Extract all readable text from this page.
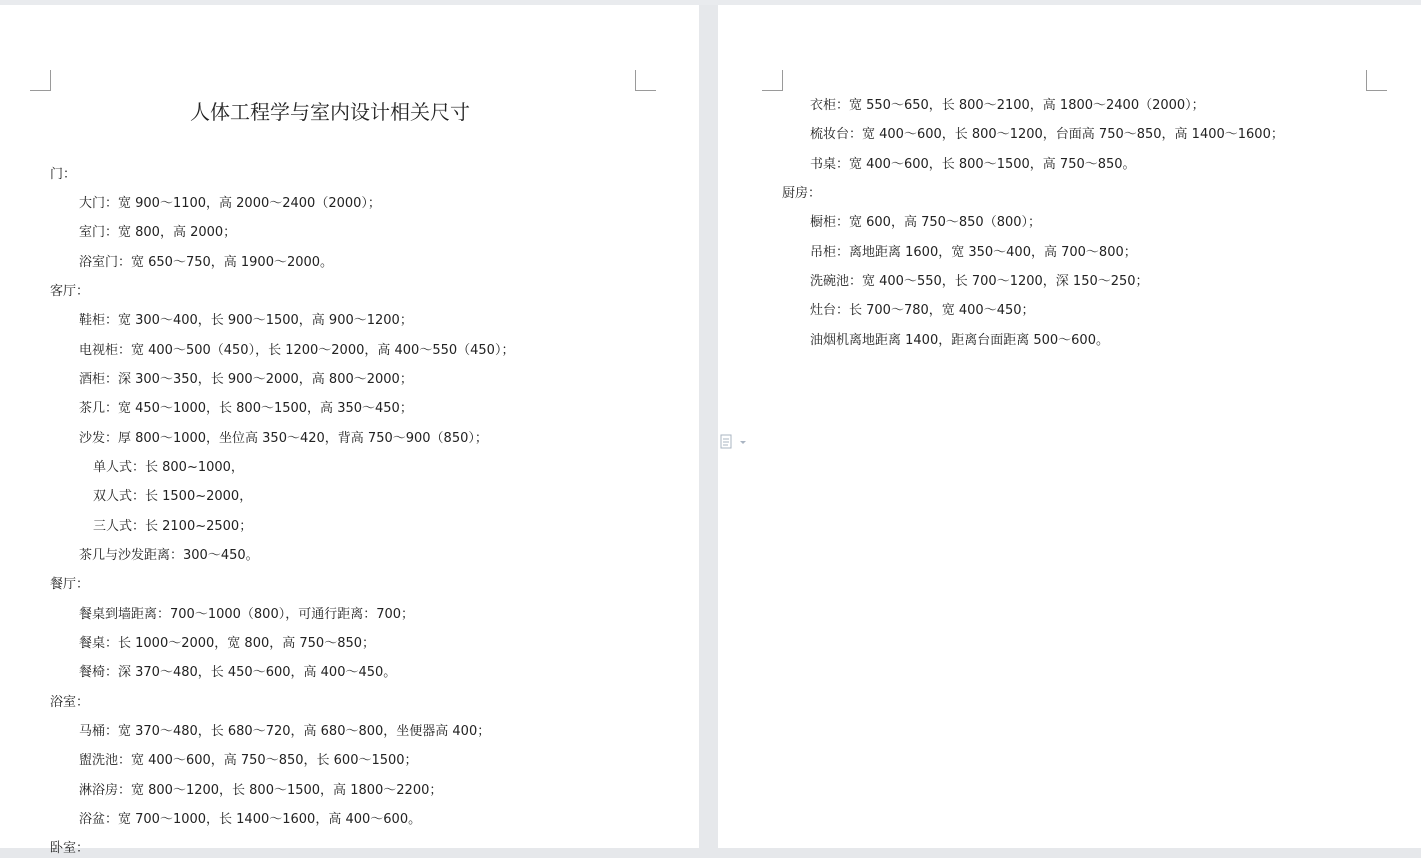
人体工程学与室内设计相关尺寸
门：
大门：宽 900～1100，高 2000～2400（2000）；
室门：宽 800，高 2000；
浴室门：宽 650～750，高 1900～2000。
客厅：
鞋柜：宽 300～400，长 900～1500，高 900～1200；
电视柜：宽 400～500（450），长 1200～2000，高 400～550（450）；
酒柜：深 300～350，长 900～2000，高 800～2000；
茶几：宽 450～1000，长 800～1500，高 350～450；
沙发：厚 800～1000，坐位高 350～420，背高 750～900（850）；
单人式：长 800~1000，
双人式：长 1500~2000，
三人式：长 2100~2500；
茶几与沙发距离：300～450。
餐厅：
餐桌到墙距离：700～1000（800），可通行距离：700；
餐桌：长 1000～2000，宽 800，高 750～850；
餐椅：深 370～480，长 450～600，高 400～450。
浴室：
马桶：宽 370～480，长 680～720，高 680～800，坐便器高 400；
盥洗池：宽 400～600，高 750～850，长 600～1500；
淋浴房：宽 800～1200，长 800～1500，高 1800～2200；
浴盆：宽 700～1000，长 1400～1600，高 400～600。
卧室：
衣柜：宽 550～650，长 800～2100，高 1800～2400（2000）；
梳妆台：宽 400～600，长 800～1200，台面高 750～850，高 1400～1600；
书桌：宽 400～600，长 800～1500，高 750～850。
厨房：
橱柜：宽 600，高 750～850（800）；
吊柜：离地距离 1600，宽 350～400，高 700～800；
洗碗池：宽 400～550，长 700～1200，深 150～250；
灶台：长 700～780，宽 400～450；
油烟机离地距离 1400，距离台面距离 500～600。
